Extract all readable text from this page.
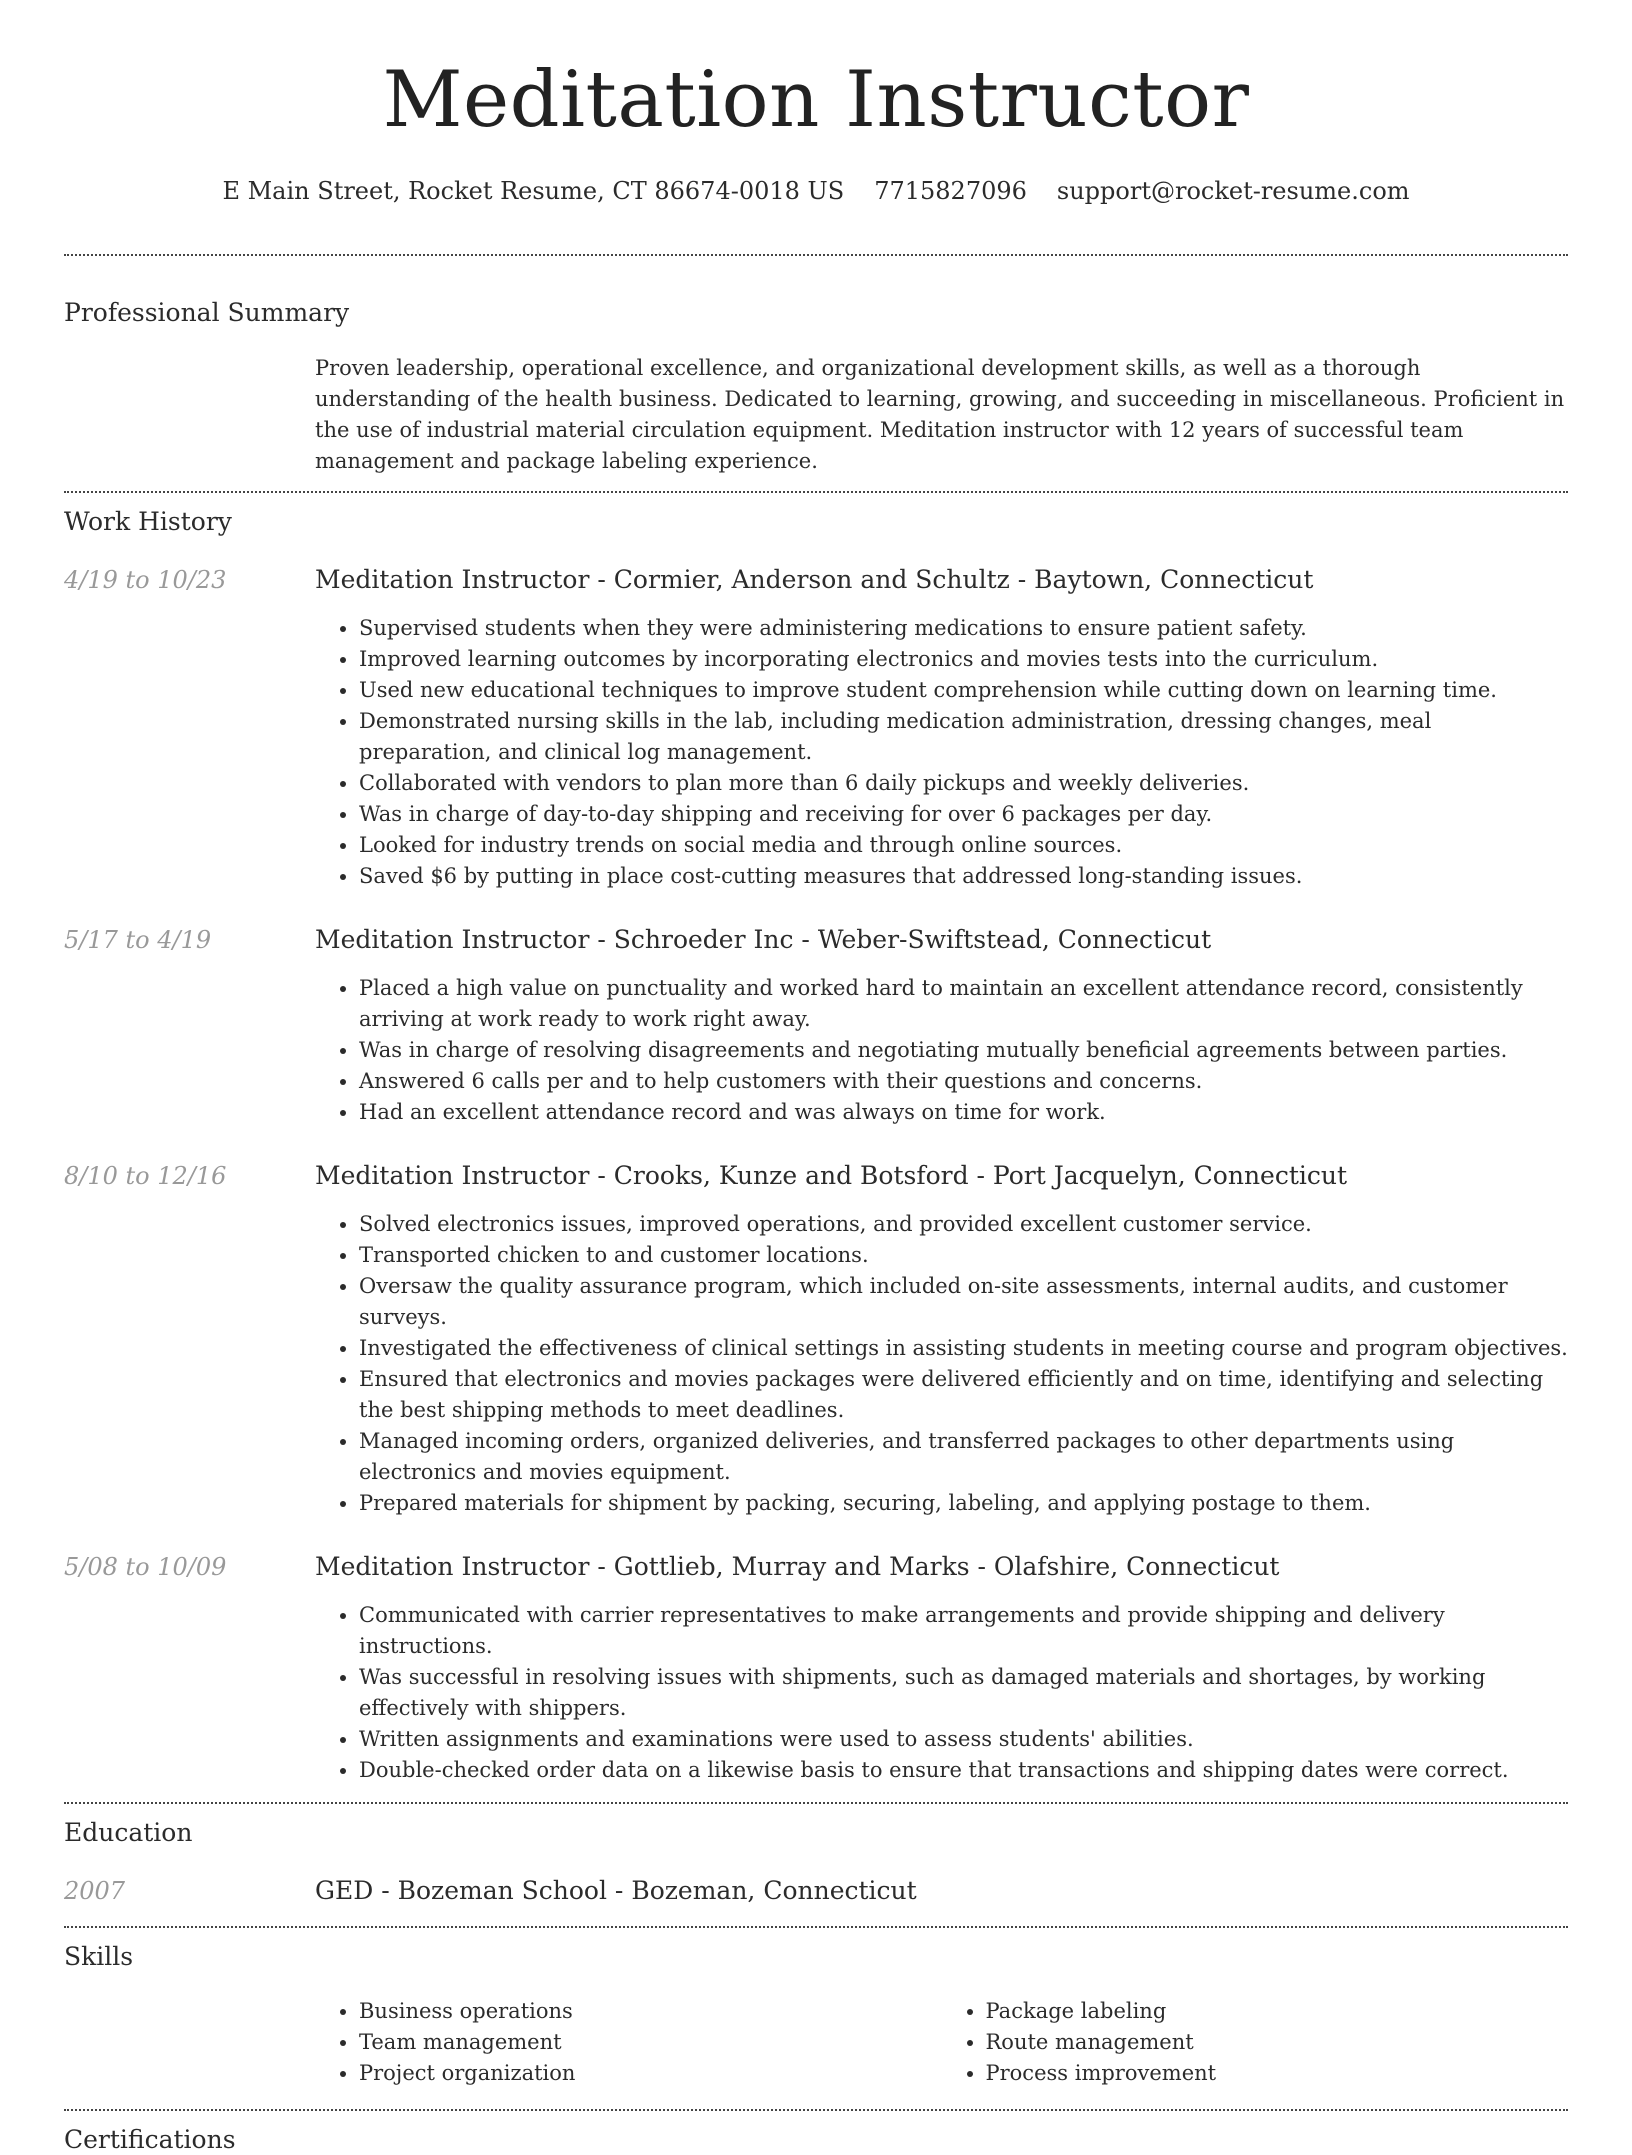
Meditation Instructor
E Main Street, Rocket Resume, CT 86674-0018 US 7715827096 support@rocket-resume.com
Professional Summary
Proven leadership, operational excellence, and organizational development skills, as well as a thorough understanding of the health business. Dedicated to learning, growing, and succeeding in miscellaneous. Proficient in the use of industrial material circulation equipment. Meditation instructor with 12 years of successful team management and package labeling experience.
Work History
4/19 to 10/23	Meditation Instructor - Cormier, Anderson and Schultz - Baytown, Connecticut
• Supervised students when they were administering medications to ensure patient safety.
• Improved learning outcomes by incorporating electronics and movies tests into the curriculum.
• Used new educational techniques to improve student comprehension while cutting down on learning time.
• Demonstrated nursing skills in the lab, including medication administration, dressing changes, meal preparation, and clinical log management.
• Collaborated with vendors to plan more than 6 daily pickups and weekly deliveries.
• Was in charge of day-to-day shipping and receiving for over 6 packages per day.
• Looked for industry trends on social media and through online sources.
• Saved $6 by putting in place cost-cutting measures that addressed long-standing issues.
5/17 to 4/19	Meditation Instructor - Schroeder Inc - Weber-Swiftstead, Connecticut
• Placed a high value on punctuality and worked hard to maintain an excellent attendance record, consistently arriving at work ready to work right away.
• Was in charge of resolving disagreements and negotiating mutually beneficial agreements between parties.
• Answered 6 calls per and to help customers with their questions and concerns.
• Had an excellent attendance record and was always on time for work.
8/10 to 12/16	Meditation Instructor - Crooks, Kunze and Botsford - Port Jacquelyn, Connecticut
• Solved electronics issues, improved operations, and provided excellent customer service.
• Transported chicken to and customer locations.
• Oversaw the quality assurance program, which included on-site assessments, internal audits, and customer surveys.
• Investigated the effectiveness of clinical settings in assisting students in meeting course and program objectives.
• Ensured that electronics and movies packages were delivered efficiently and on time, identifying and selecting the best shipping methods to meet deadlines.
• Managed incoming orders, organized deliveries, and transferred packages to other departments using electronics and movies equipment.
• Prepared materials for shipment by packing, securing, labeling, and applying postage to them.
5/08 to 10/09	Meditation Instructor - Gottlieb, Murray and Marks - Olafshire, Connecticut
• Communicated with carrier representatives to make arrangements and provide shipping and delivery instructions.
• Was successful in resolving issues with shipments, such as damaged materials and shortages, by working effectively with shippers.
• Written assignments and examinations were used to assess students' abilities.
• Double-checked order data on a likewise basis to ensure that transactions and shipping dates were correct.
Education
2007	GED - Bozeman School - Bozeman, Connecticut
Skills
• Business operations
• Team management
• Project organization
• Package labeling
• Route management
• Process improvement
Certifications
